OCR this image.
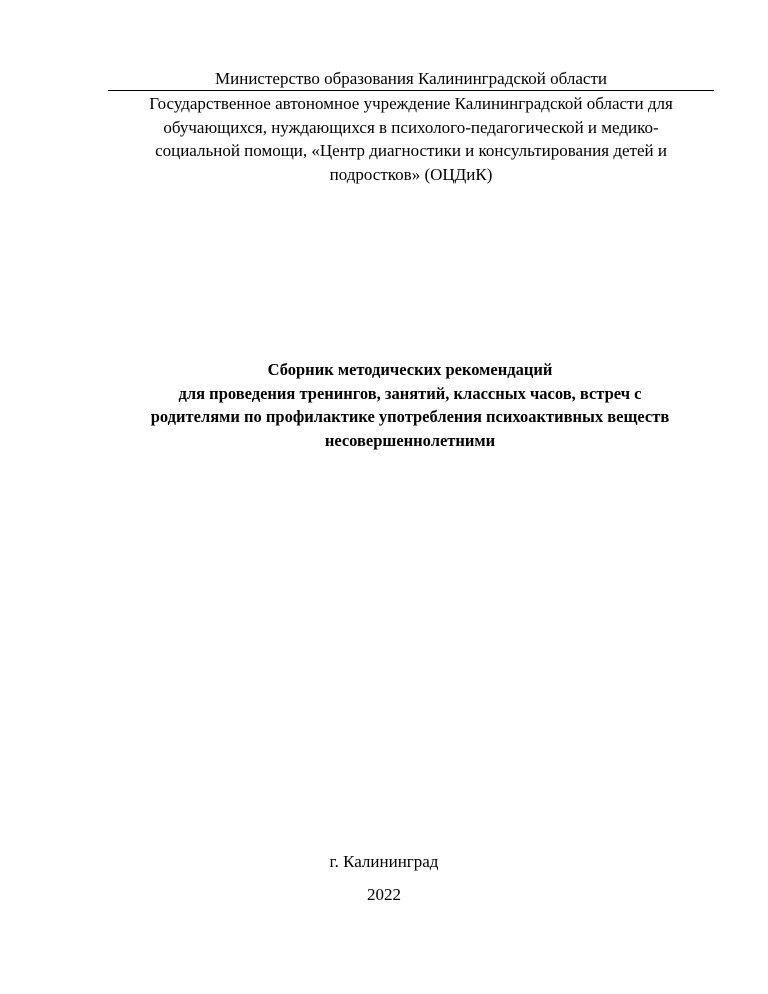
Министерство образования Калининградской области
Государственное автономное учреждение Калининградской области для
обучающихся, нуждающихся в психолого-педагогической и медико-
социальной помощи, «Центр диагностики и консультирования детей и
подростков» (ОЦДиК)
Сборник методических рекомендаций
для проведения тренингов, занятий, классных часов, встреч с
родителями по профилактике употребления психоактивных веществ
несовершеннолетними
г. Калининград
2022
